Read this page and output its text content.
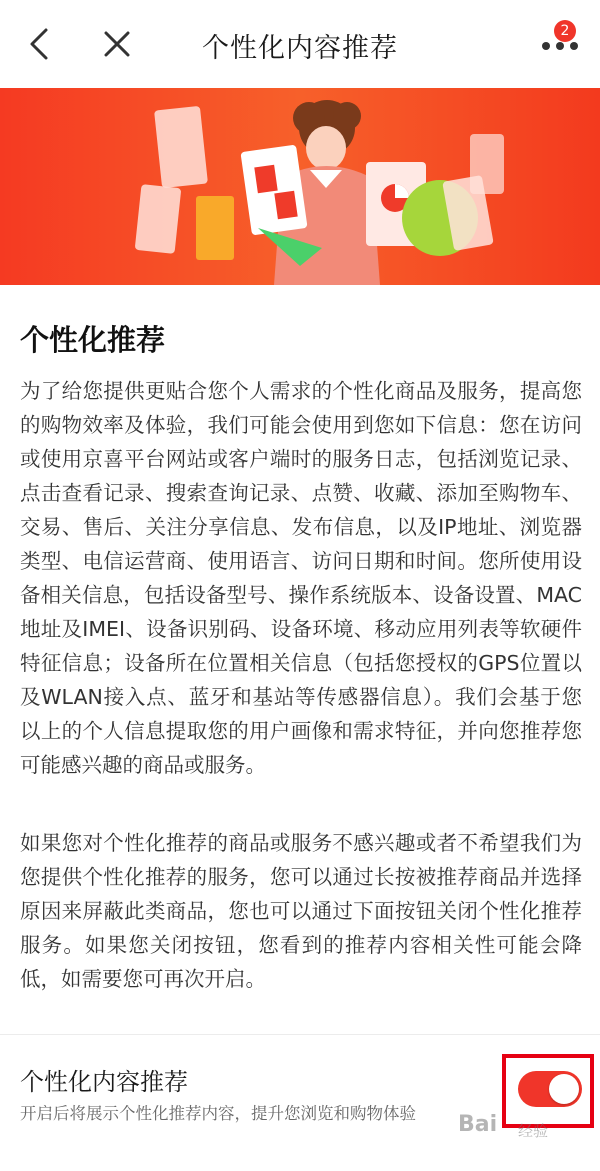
个性化内容推荐
2
个性化推荐

为了给您提供更贴合您个人需求的个性化商品及服务，提高您的购物效率及体验，我们可能会使用到您如下信息：您在访问或使用京喜平台网站或客户端时的服务日志，包括浏览记录、点击查看记录、搜索查询记录、点赞、收藏、添加至购物车、交易、售后、关注分享信息、发布信息，以及IP地址、浏览器类型、电信运营商、使用语言、访问日期和时间。您所使用设备相关信息，包括设备型号、操作系统版本、设备设置、MAC地址及IMEI、设备识别码、设备环境、移动应用列表等软硬件特征信息；设备所在位置相关信息（包括您授权的GPS位置以及WLAN接入点、蓝牙和基站等传感器信息）。我们会基于您以上的个人信息提取您的用户画像和需求特征，并向您推荐您可能感兴趣的商品或服务。

如果您对个性化推荐的商品或服务不感兴趣或者不希望我们为您提供个性化推荐的服务，您可以通过长按被推荐商品并选择原因来屏蔽此类商品，您也可以通过下面按钮关闭个性化推荐服务。如果您关闭按钮，您看到的推荐内容相关性可能会降低，如需要您可再次开启。

个性化内容推荐
开启后将展示个性化推荐内容，提升您浏览和购物体验 Bai 经验
